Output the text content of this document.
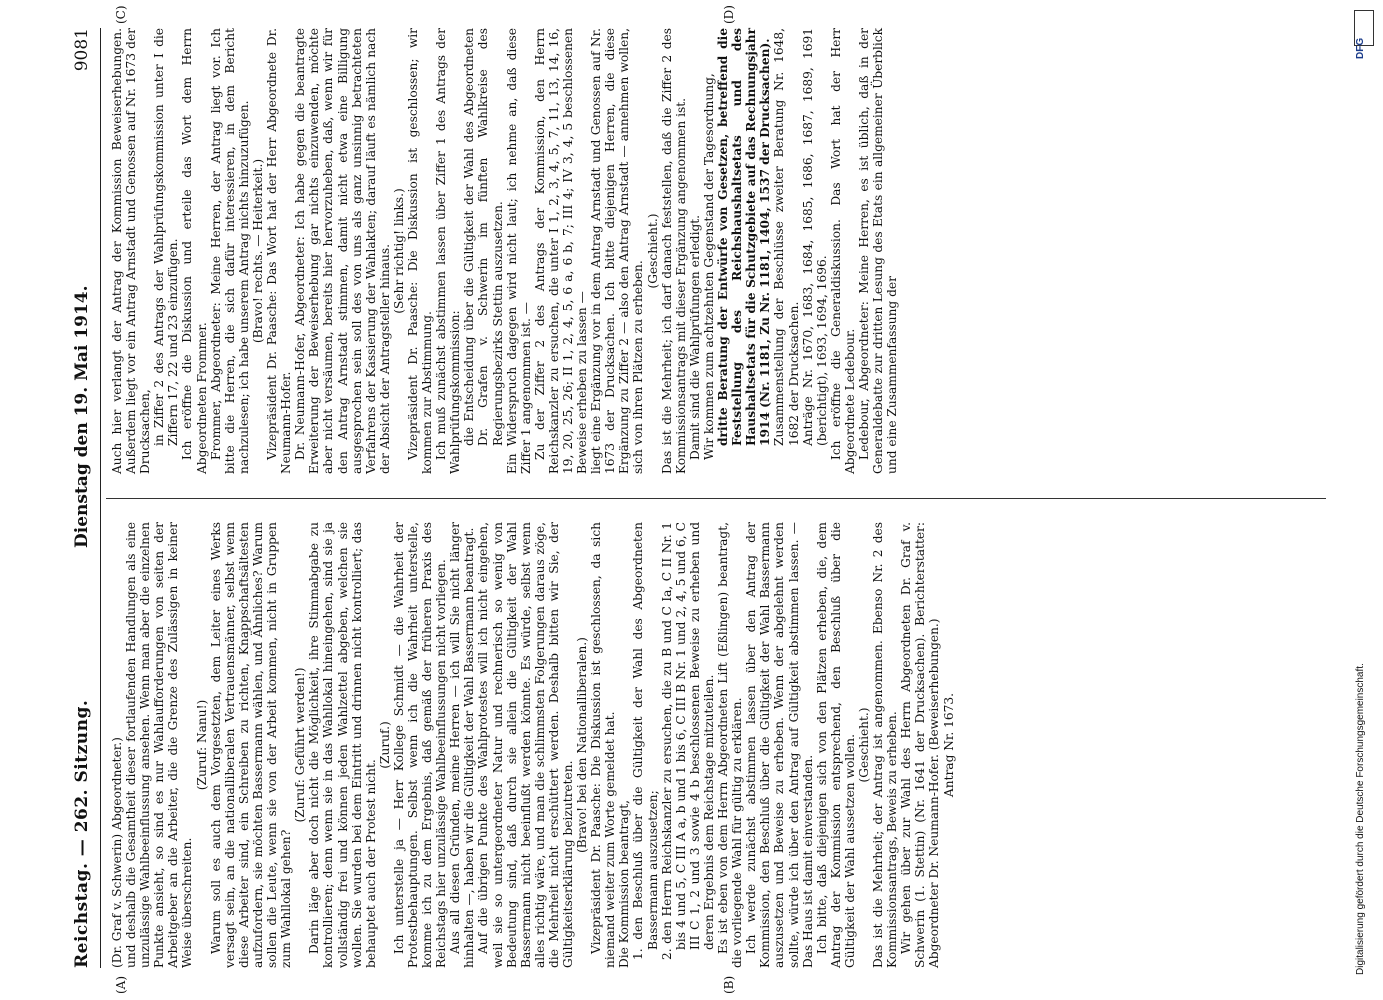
Reichstag. — 262. Sitzung.
Dienstag den 19. Mai 1914.
9081
(A)	(B)
(C)	(D)

(Dr. Graf v. Schwerin) Abgeordneter.) und deshalb die Gesamtheit dieser fortlaufenden Handlungen als eine unzulässige Wahlbeeinflussung ansehen. Wenn man aber die einzelnen Punkte ansieht, so sind es nur Wahlaufforderungen von seiten der Arbeitgeber an die Arbeiter, die die Grenze des Zulässigen in keiner Weise überschreiten.

(Zuruf: Nanu!) Warum soll es auch dem Vorgesetzten, dem Leiter eines Werks versagt sein, an die nationalliberalen Vertrauensmänner, selbst wenn diese Arbeiter sind, ein Schreiben zu richten, Knappschaftsältesten aufzufordern, sie möchten Bassermann wählen, und Ähnliches? Warum sollen die Leute, wenn sie von der Arbeit kommen, nicht in Gruppen zum Wahllokal gehen?

(Zuruf: Geführt werden!) Darin läge aber doch nicht die Möglichkeit, ihre Stimmabgabe zu kontrollieren; denn wenn sie in das Wahllokal hineingehen, sind sie ja vollständig frei und können jeden Wahlzettel abgeben, welchen sie wollen. Sie wurden bei dem Eintritt und drinnen nicht kontrolliert; das behauptet auch der Protest nicht.

(Zuruf.) Ich unterstelle ja — Herr Kollege Schmidt — die Wahrheit der Protestbehauptungen. Selbst wenn ich die Wahrheit unterstelle, komme ich zu dem Ergebnis, daß gemäß der früheren Praxis des Reichstags hier unzulässige Wahlbeeinflussungen nicht vorliegen. Aus all diesen Gründen, meine Herren — ich will Sie nicht länger hinhalten —, haben wir die Gültigkeit der Wahl Bassermann beantragt. Auf die übrigen Punkte des Wahlprotestes will ich nicht eingehen, weil sie so untergeordneter Natur und rechnerisch so wenig von Bedeutung sind, daß durch sie allein die Gültigkeit der Wahl Bassermann nicht beeinflußt werden könnte. Es würde, selbst wenn alles richtig wäre, und man die schlimmsten Folgerungen daraus zöge, die Mehrheit nicht erschüttert werden. Deshalb bitten wir Sie, der Gültigkeitserklärung beizutreten.

(Bravo! bei den Nationalliberalen.) Vizepräsident Dr. Paasche: Die Diskussion ist geschlossen, da sich niemand weiter zum Worte gemeldet hat. Die Kommission beantragt, 1. den Beschluß über die Gültigkeit der Wahl des Abgeordneten Bassermann auszusetzen; 2. den Herrn Reichskanzler zu ersuchen, die zu B und C Ia, C II Nr. 1 bis 4 und 5, C III A a, b und 1 bis 6, C III B Nr. 1 und 2, 4, 5 und 6, C III C 1, 2 und 3 sowie 4 b beschlossenen Beweise zu erheben und deren Ergebnis dem Reichstage mitzuteilen. Es ist eben von dem Herrn Abgeordneten Lift (Eßlingen) beantragt, die vorliegende Wahl für gültig zu erklären. Ich werde zunächst abstimmen lassen über den Antrag der Kommission, den Beschluß über die Gültigkeit der Wahl Bassermann auszusetzen und Beweise zu erheben. Wenn der abgelehnt werden sollte, würde ich über den Antrag auf Gültigkeit abstimmen lassen. — Das Haus ist damit einverstanden. Ich bitte, daß diejenigen sich von den Plätzen erheben, die, dem Antrag der Kommission entsprechend, den Beschluß über die Gültigkeit der Wahl aussetzen wollen. (Geschieht.) Das ist die Mehrheit; der Antrag ist angenommen. Ebenso Nr. 2 des Kommissionsantrags, Beweis zu erheben. Wir gehen über zur Wahl des Herrn Abgeordneten Dr. Graf v. Schwerin (1. Stettin) (Nr. 1641 der Drucksachen). Berichterstatter: Abgeordneter Dr. Neumann-Hofer. (Beweiserhebungen.) Antrag Nr. 1673.

Auch hier verlangt der Antrag der Kommission Beweiserhebungen. Außerdem liegt vor ein Antrag Arnstadt und Genossen auf Nr. 1673 der Drucksachen, in Ziffer 2 des Antrags der Wahlprüfungskommission unter I die Ziffern 17, 22 und 23 einzufügen. Ich eröffne die Diskussion und erteile das Wort dem Herrn Abgeordneten Frommer. Frommer, Abgeordneter: Meine Herren, der Antrag liegt vor. Ich bitte die Herren, die sich dafür interessieren, in dem Bericht nachzulesen; ich habe unserem Antrag nichts hinzuzufügen. (Bravo! rechts. — Heiterkeit.) Vizepräsident Dr. Paasche: Das Wort hat der Herr Abgeordnete Dr. Neumann-Hofer. Dr. Neumann-Hofer, Abgeordneter: Ich habe gegen die beantragte Erweiterung der Beweiserhebung gar nichts einzuwenden, möchte aber nicht versäumen, bereits hier hervorzuheben, daß, wenn wir für den Antrag Arnstadt stimmen, damit nicht etwa eine Billigung ausgesprochen sein soll des von uns als ganz unsinnig betrachteten Verfahrens der Kassierung der Wahlakten; darauf läuft es nämlich nach der Absicht der Antragsteller hinaus. (Sehr richtig! links.) Vizepräsident Dr. Paasche: Die Diskussion ist geschlossen; wir kommen zur Abstimmung. Ich muß zunächst abstimmen lassen über Ziffer 1 des Antrags der Wahlprüfungskommission: die Entscheidung über die Gültigkeit der Wahl des Abgeordneten Dr. Grafen v. Schwerin im fünften Wahlkreise des Regierungsbezirks Stettin auszusetzen. Ein Widerspruch dagegen wird nicht laut; ich nehme an, daß diese Ziffer 1 angenommen ist. — Zu der Ziffer 2 des Antrags der Kommission, den Herrn Reichskanzler zu ersuchen, die unter I 1, 2, 3, 4, 5, 7, 11, 13, 14, 16, 19, 20, 25, 26; II 1, 2, 4, 5, 6 a, 6 b, 7; III 4; IV 3, 4, 5 beschlossenen Beweise erheben zu lassen — liegt eine Ergänzung vor in dem Antrag Arnstadt und Genossen auf Nr. 1673 der Drucksachen. Ich bitte diejenigen Herren, die diese Ergänzung zu Ziffer 2 — also den Antrag Arnstadt — annehmen wollen, sich von ihren Plätzen zu erheben.

(Geschieht.) Das ist die Mehrheit; ich darf danach feststellen, daß die Ziffer 2 des Kommissionsantrags mit dieser Ergänzung angenommen ist. Damit sind die Wahlprüfungen erledigt. Wir kommen zum achtzehnten Gegenstand der Tagesordnung, dritte Beratung der Entwürfe von Gesetzen, betreffend die Feststellung des Reichshaushaltsetats und des Haushaltsetats für die Schutzgebiete auf das Rechnungsjahr 1914 (Nr. 1181, Zu Nr. 1181, 1404, 1537 der Drucksachen). Zusammenstellung der Beschlüsse zweiter Beratung Nr. 1648, 1682 der Drucksachen. Anträge Nr. 1670, 1683, 1684, 1685, 1686, 1687, 1689, 1691 (berichtigt), 1693, 1694, 1696. Ich eröffne die Generaldiskussion. Das Wort hat der Herr Abgeordnete Ledebour. Ledebour, Abgeordneter: Meine Herren, es ist üblich, daß in der Generaldebatte zur dritten Lesung des Etats ein allgemeiner Überblick und eine Zusammenfassung der

DFG
Digitalisierung gefördert durch die Deutsche Forschungsgemeinschaft.
